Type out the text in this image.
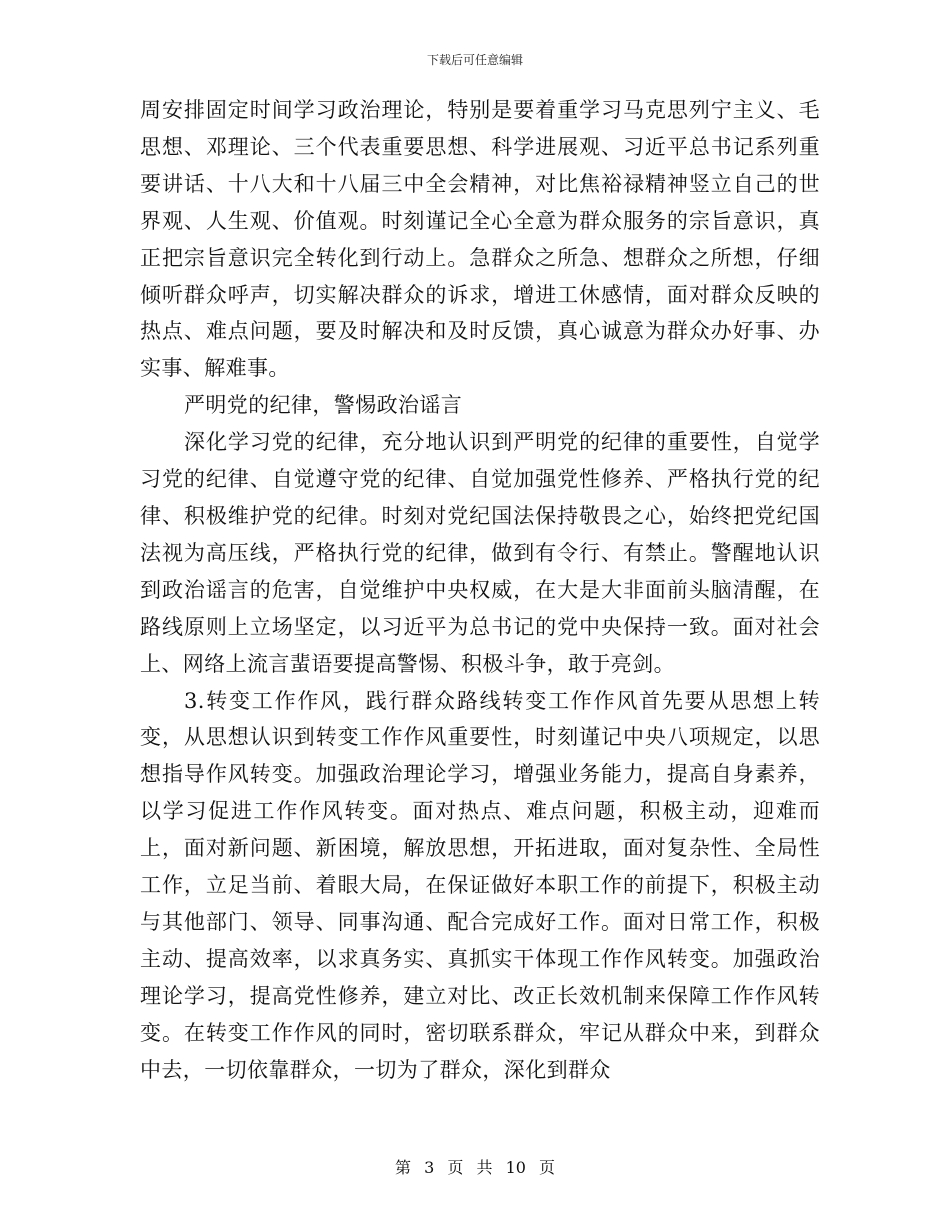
下载后可任意编辑

周安排固定时间学习政治理论，特别是要着重学习马克思列宁主义、毛思想、邓理论、三个代表重要思想、科学进展观、习近平总书记系列重要讲话、十八大和十八届三中全会精神，对比焦裕禄精神竖立自己的世界观、人生观、价值观。时刻谨记全心全意为群众服务的宗旨意识，真正把宗旨意识完全转化到行动上。急群众之所急、想群众之所想，仔细倾听群众呼声，切实解决群众的诉求，增进工休感情，面对群众反映的热点、难点问题，要及时解决和及时反馈，真心诚意为群众办好事、办实事、解难事。

严明党的纪律，警惕政治谣言

深化学习党的纪律，充分地认识到严明党的纪律的重要性，自觉学习党的纪律、自觉遵守党的纪律、自觉加强党性修养、严格执行党的纪律、积极维护党的纪律。时刻对党纪国法保持敬畏之心，始终把党纪国法视为高压线，严格执行党的纪律，做到有令行、有禁止。警醒地认识到政治谣言的危害，自觉维护中央权威，在大是大非面前头脑清醒，在路线原则上立场坚定，以习近平为总书记的党中央保持一致。面对社会上、网络上流言蜚语要提高警惕、积极斗争，敢于亮剑。

3.转变工作作风，践行群众路线转变工作作风首先要从思想上转变，从思想认识到转变工作作风重要性，时刻谨记中央八项规定，以思想指导作风转变。加强政治理论学习，增强业务能力，提高自身素养，以学习促进工作作风转变。面对热点、难点问题，积极主动，迎难而上，面对新问题、新困境，解放思想，开拓进取，面对复杂性、全局性工作，立足当前、着眼大局，在保证做好本职工作的前提下，积极主动与其他部门、领导、同事沟通、配合完成好工作。面对日常工作，积极主动、提高效率，以求真务实、真抓实干体现工作作风转变。加强政治理论学习，提高党性修养，建立对比、改正长效机制来保障工作作风转变。在转变工作作风的同时，密切联系群众，牢记从群众中来，到群众中去，一切依靠群众，一切为了群众，深化到群众

第 3 页 共 10 页
